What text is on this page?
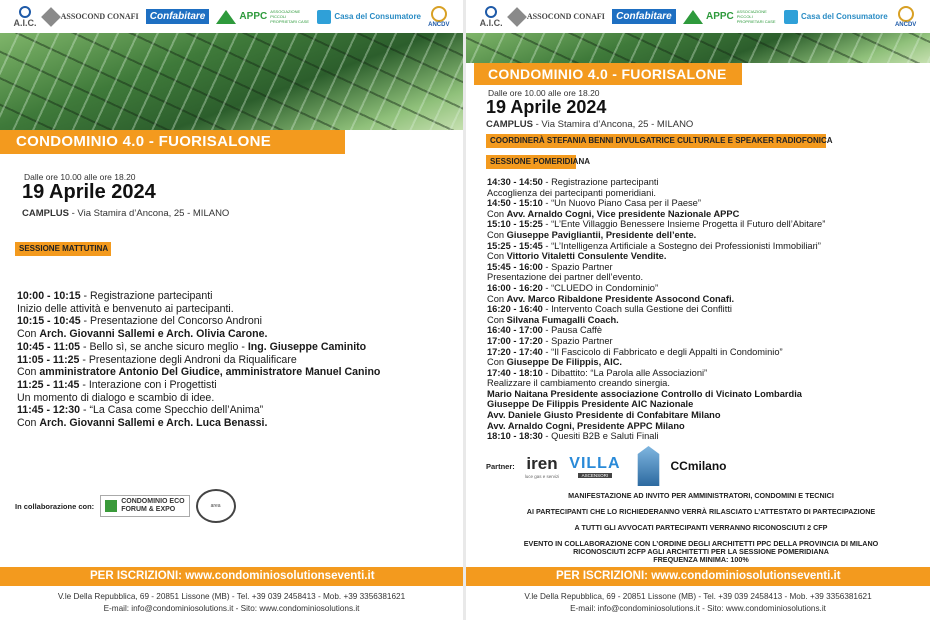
A.I.C.
ASSOCOND CONAFI	Confabitare	APPC ASSOCIAZIONE PICCOLI PROPRIETARI CASE
Casa del Consumatore
ANCDV
CONDOMINIO 4.0 - FUORISALONE
Dalle ore 10.00 alle ore 18.20
19 Aprile 2024
CAMPLUS - Via Stamira d’Ancona, 25 - MILANO
SESSIONE MATTUTINA
10:00 - 10:15 - Registrazione partecipanti
Inizio delle attività e benvenuto ai partecipanti.
10:15 - 10:45 - Presentazione del Concorso Androni
Con Arch. Giovanni Sallemi e Arch. Olivia Carone.
10:45 - 11:05 - Bello sì, se anche sicuro meglio - Ing. Giuseppe Caminito
11:05 - 11:25 - Presentazione degli Androni da Riqualificare
Con amministratore Antonio Del Giudice, amministratore Manuel Canino
11:25 - 11:45 - Interazione con i Progettisti
Un momento di dialogo e scambio di idee.
11:45 - 12:30 - “La Casa come Specchio dell’Anima”
Con Arch. Giovanni Sallemi e Arch. Luca Benassi.
In collaborazione con:	CONDOMINIO ECO
FORUM & EXPO	area
PER ISCRIZIONI: www.condominiosolutionseventi.it
V.le Della Repubblica, 69 - 20851 Lissone (MB) - Tel. +39 039 2458413 - Mob. +39 3356381621
E-mail: info@condominiosolutions.it - Sito: www.condominiosolutions.it
A.I.C.
ASSOCOND CONAFI	Confabitare	APPC ASSOCIAZIONE PICCOLI PROPRIETARI CASE
Casa del Consumatore
ANCDV
CONDOMINIO 4.0 - FUORISALONE
Dalle ore 10.00 alle ore 18.20
19 Aprile 2024
CAMPLUS - Via Stamira d’Ancona, 25 - MILANO
COORDINERÀ STEFANIA BENNI DIVULGATRICE CULTURALE E SPEAKER RADIOFONICA
SESSIONE POMERIDIANA
14:30 - 14:50 - Registrazione partecipanti
Accoglienza dei partecipanti pomeridiani.
14:50 - 15:10 - “Un Nuovo Piano Casa per il Paese”
Con Avv. Arnaldo Cogni, Vice presidente Nazionale APPC
15:10 - 15:25 - “L’Ente Villaggio Benessere Insieme Progetta il Futuro dell’Abitare”
Con Giuseppe Pavigliantii, Presidente dell’ente.
15:25 - 15:45 - “L’Intelligenza Artificiale a Sostegno dei Professionisti Immobiliari”
Con Vittorio Vitaletti Consulente Vendite.
15:45 - 16:00 - Spazio Partner
Presentazione dei partner dell’evento.
16:00 - 16:20 - “CLUEDO in Condominio”
Con Avv. Marco Ribaldone Presidente Assocond Conafi.
16:20 - 16:40 - Intervento Coach sulla Gestione dei Conflitti
Con Silvana Fumagalli Coach.
16:40 - 17:00 - Pausa Caffè
17:00 - 17:20 - Spazio Partner
17:20 - 17:40 - “Il Fascicolo di Fabbricato e degli Appalti in Condominio”
Con Giuseppe De Filippis, AIC.
17:40 - 18:10 - Dibattito: “La Parola alle Associazioni”
Realizzare il cambiamento creando sinergia.
Mario Naitana Presidente associazione Controllo di Vicinato Lombardia
Giuseppe De Filippis Presidente AIC Nazionale
Avv. Daniele Giusto Presidente di Confabitare Milano
Avv. Arnaldo Cogni, Presidente APPC Milano
18:10 - 18:30 - Quesiti B2B e Saluti Finali
Partner: iren
luce gas e servizi
VILLA
ASCENSORI
CCmilano

MANIFESTAZIONE AD INVITO PER AMMINISTRATORI, CONDOMINI E TECNICI

AI PARTECIPANTI CHE LO RICHIEDERANNO VERRÀ RILASCIATO L’ATTESTATO DI PARTECIPAZIONE

A TUTTI GLI AVVOCATI PARTECIPANTI VERRANNO RICONOSCIUTI 2 CFP

EVENTO IN COLLABORAZIONE CON L’ORDINE DEGLI ARCHITETTI PPC DELLA PROVINCIA DI MILANO

RICONOSCIUTI 2CFP AGLI ARCHITETTI PER LA SESSIONE POMERIDIANA

FREQUENZA MINIMA: 100%

PER ISCRIZIONI: www.condominiosolutionseventi.it
V.le Della Repubblica, 69 - 20851 Lissone (MB) - Tel. +39 039 2458413 - Mob. +39 3356381621
E-mail: info@condominiosolutions.it - Sito: www.condominiosolutions.it
